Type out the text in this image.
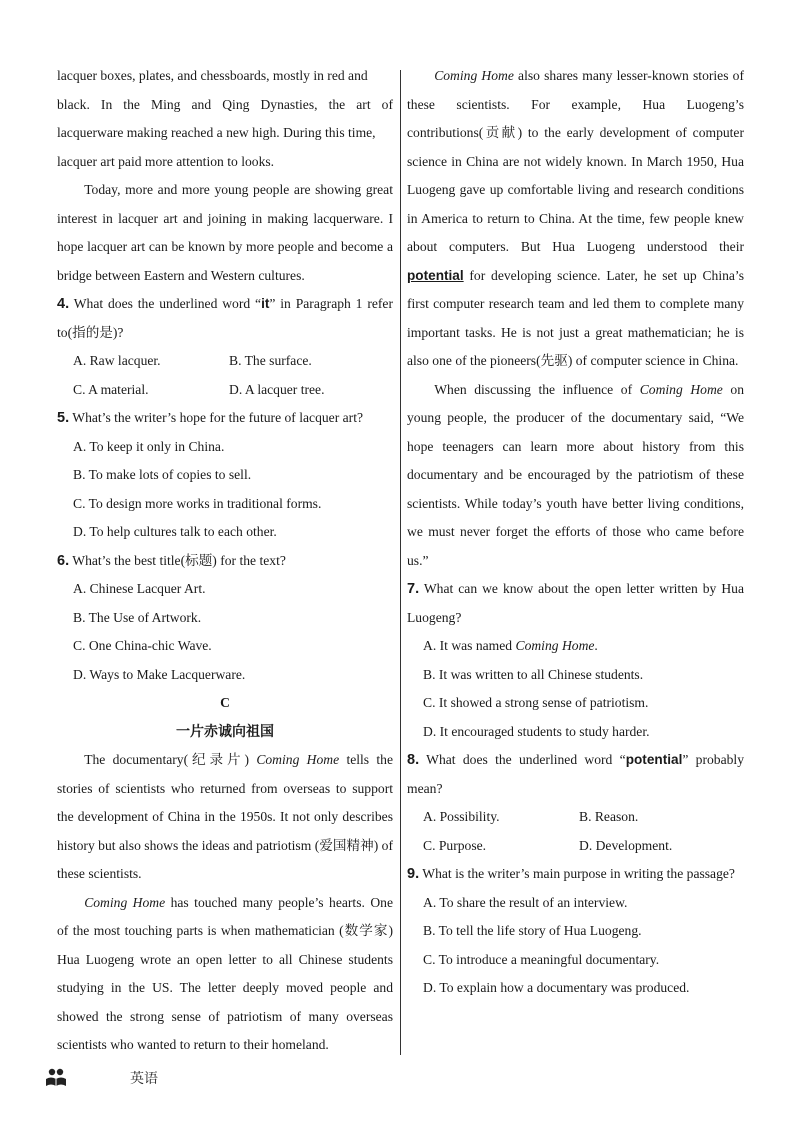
lacquer boxes, plates, and chessboards, mostly in red and

black. In the Ming and Qing Dynasties, the art of

lacquerware making reached a new high. During this time,

lacquer art paid more attention to looks.

Today, more and more young people are showing great interest in lacquer art and joining in making lacquerware. I hope lacquer art can be known by more people and become a bridge between Eastern and Western cultures.

4. What does the underlined word “it” in Paragraph 1 refer to(指的是)?

A. Raw lacquer.	B. The surface.
C. A material.	D. A lacquer tree.

5. What’s the writer’s hope for the future of lacquer art?

A. To keep it only in China.

B. To make lots of copies to sell.

C. To design more works in traditional forms.

D. To help cultures talk to each other.

6. What’s the best title(标题) for the text?

A. Chinese Lacquer Art.

B. The Use of Artwork.

C. One China-chic Wave.

D. Ways to Make Lacquerware.

C

一片赤诚向祖国

The documentary(纪录片) Coming Home tells the stories of scientists who returned from overseas to support the development of China in the 1950s. It not only describes history but also shows the ideas and patriotism (爱国精神) of these scientists.

Coming Home has touched many people’s hearts. One of the most touching parts is when mathematician (数学家) Hua Luogeng wrote an open letter to all Chinese students studying in the US. The letter deeply moved people and showed the strong sense of patriotism of many overseas scientists who wanted to return to their homeland.

Coming Home also shares many lesser-known stories of these scientists. For example, Hua Luogeng’s contributions(贡献) to the early development of computer science in China are not widely known. In March 1950, Hua Luogeng gave up comfortable living and research conditions in America to return to China. At the time, few people knew about computers. But Hua Luogeng understood their potential for developing science. Later, he set up China’s first computer research team and led them to complete many important tasks. He is not just a great mathematician; he is also one of the pioneers(先驱) of computer science in China.

When discussing the influence of Coming Home on young people, the producer of the documentary said, “We hope teenagers can learn more about history from this documentary and be encouraged by the patriotism of these scientists. While today’s youth have better living conditions, we must never forget the efforts of those who came before us.”

7. What can we know about the open letter written by Hua Luogeng?

A. It was named Coming Home.

B. It was written to all Chinese students.

C. It showed a strong sense of patriotism.

D. It encouraged students to study harder.

8. What does the underlined word “potential” probably mean?

A. Possibility.	B. Reason.
C. Purpose.	D. Development.

9. What is the writer’s main purpose in writing the passage?

A. To share the result of an interview.

B. To tell the life story of Hua Luogeng.

C. To introduce a meaningful documentary.

D. To explain how a documentary was produced.

英语
